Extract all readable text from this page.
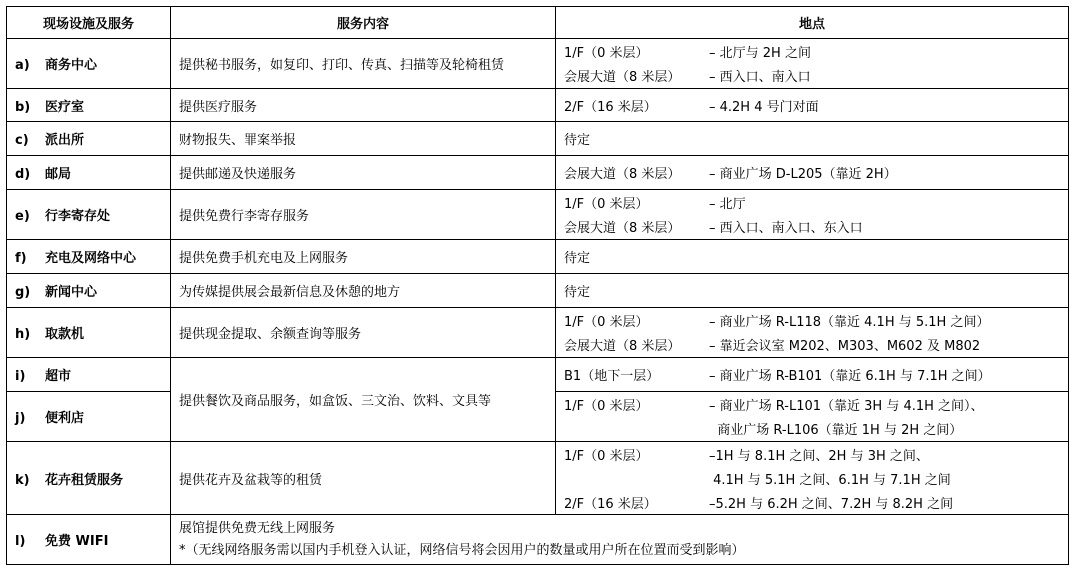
现场设施及服务	服务内容	地点
a) 商务中心	提供秘书服务，如复印、打印、传真、扫描等及轮椅租赁	1/F（0 米层） – 北厅与 2H 之间
会展大道（8 米层） – 西入口、南入口

b) 医疗室	提供医疗服务	2/F（16 米层） – 4.2H 4 号门对面

c) 派出所	财物报失、罪案举报	待定

d) 邮局	提供邮递及快递服务	会展大道（8 米层） – 商业广场 D-L205（靠近 2H）

e) 行李寄存处	提供免费行李寄存服务	1/F（0 米层） – 北厅
会展大道（8 米层） – 西入口、南入口、东入口

f) 充电及网络中心	提供免费手机充电及上网服务	待定

g) 新闻中心	为传媒提供展会最新信息及休憩的地方	待定

h) 取款机	提供现金提取、余额查询等服务	1/F（0 米层） – 商业广场 R-L118（靠近 4.1H 与 5.1H 之间）
会展大道（8 米层） – 靠近会议室 M202、M303、M602 及 M802

i) 超市	提供餐饮及商品服务，如盒饭、三文治、饮料、文具等	B1（地下一层） – 商业广场 R-B101（靠近 6.1H 与 7.1H 之间）

j) 便利店		1/F（0 米层） – 商业广场 R-L101（靠近 3H 与 4.1H 之间）、
商业广场 R-L106（靠近 1H 与 2H 之间）

k) 花卉租赁服务	提供花卉及盆栽等的租赁	1/F（0 米层） –1H 与 8.1H 之间、2H 与 3H 之间、
4.1H 与 5.1H 之间、6.1H 与 7.1H 之间
2/F（16 米层） –5.2H 与 6.2H 之间、7.2H 与 8.2H 之间

l) 免费 WIFI	展馆提供免费无线上网服务
*（无线网络服务需以国内手机登入认证，网络信号将会因用户的数量或用户所在位置而受到影响）	
